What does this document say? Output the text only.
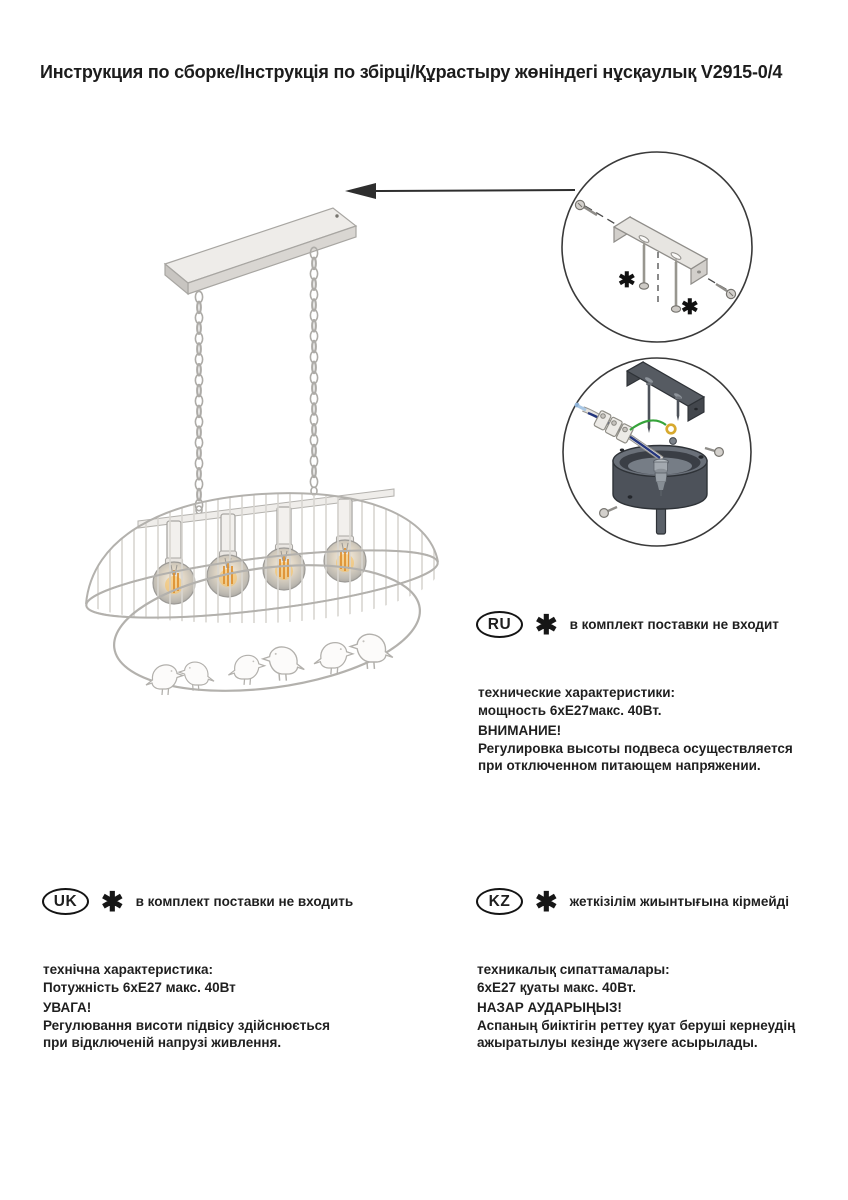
Инструкция по сборке/Інструкція по збірці/Құрастыру жөніндегі нұсқаулық V2915-0/4
✱
✱
RU ✱ в комплект поставки не входит
технические характеристики:
мощность 6хЕ27макс. 40Вт.
ВНИМАНИЕ!
Регулировка высоты подвеса осуществляется
при отключенном питающем напряжении.
UK ✱ в комплект поставки не входить	KZ ✱ жеткізілім жиынтығына кірмейді
технічна характеристика:
Потужність 6хЕ27 макс. 40Вт
УВАГА!
Регулювання висоти підвісу здійснюється
при відключеній напрузі живлення.
техникалық сипаттамалары:
6хЕ27 қуаты макс. 40Вт.
НАЗАР АУДАРЫҢЫЗ!
Аспаның биіктігін реттеу қуат беруші кернеудің
ажыратылуы кезінде жүзеге асырылады.
